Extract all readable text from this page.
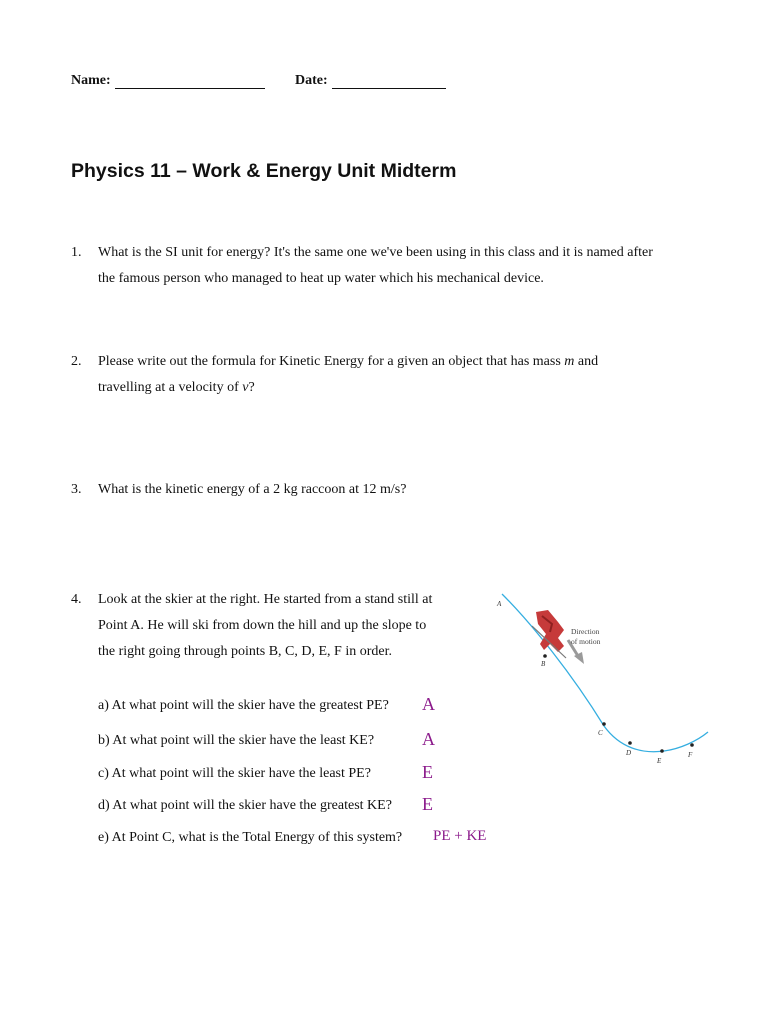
Name:	Date:
Physics 11 – Work & Energy Unit Midterm
1. What is the SI unit for energy? It's the same one we've been using in this class and it is named after
the famous person who managed to heat up water which his mechanical device.
2. Please write out the formula for Kinetic Energy for a given an object that has mass m and
travelling at a velocity of v?
3. What is the kinetic energy of a 2 kg raccoon at 12 m/s?
4. Look at the skier at the right. He started from a stand still at
Point A. He will ski from down the hill and up the slope to
the right going through points B, C, D, E, F in order.
a) At what point will the skier have the greatest PE? A
b) At what point will the skier have the least KE?	A
c) At what point will the skier have the least PE?	E
d) At what point will the skier have the greatest KE? E
e) At Point C, what is the Total Energy of this system? PE + KE
Direction
of motion
A
B
C
D
E
F
